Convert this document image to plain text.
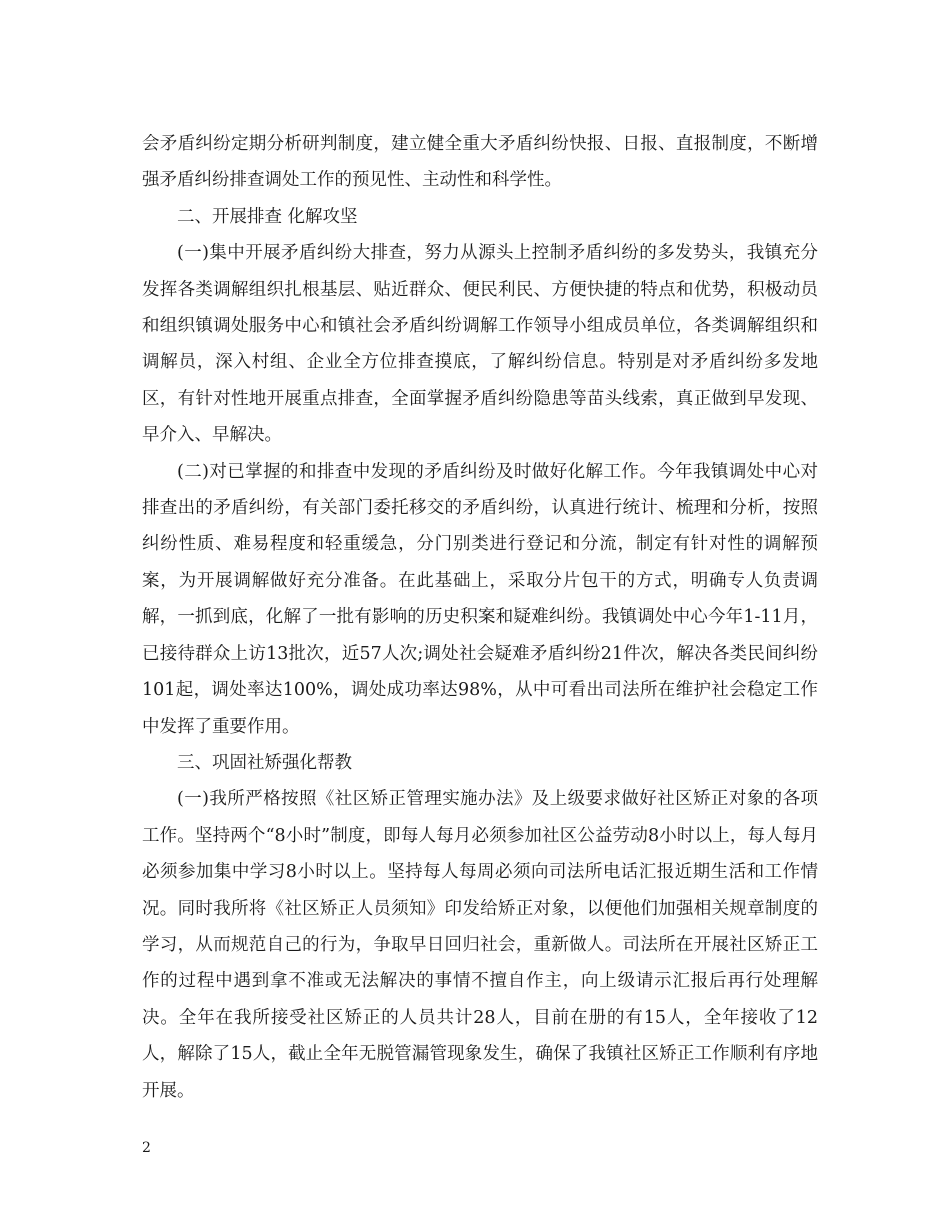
会矛盾纠纷定期分析研判制度，建立健全重大矛盾纠纷快报、日报、直报制度，不断增强矛盾纠纷排查调处工作的预见性、主动性和科学性。

二、开展排查 化解攻坚

(一)集中开展矛盾纠纷大排查，努力从源头上控制矛盾纠纷的多发势头，我镇充分发挥各类调解组织扎根基层、贴近群众、便民利民、方便快捷的特点和优势，积极动员和组织镇调处服务中心和镇社会矛盾纠纷调解工作领导小组成员单位，各类调解组织和调解员，深入村组、企业全方位排查摸底，了解纠纷信息。特别是对矛盾纠纷多发地区，有针对性地开展重点排查，全面掌握矛盾纠纷隐患等苗头线索，真正做到早发现、早介入、早解决。

(二)对已掌握的和排查中发现的矛盾纠纷及时做好化解工作。今年我镇调处中心对排查出的矛盾纠纷，有关部门委托移交的矛盾纠纷，认真进行统计、梳理和分析，按照纠纷性质、难易程度和轻重缓急，分门别类进行登记和分流，制定有针对性的调解预案，为开展调解做好充分准备。在此基础上，采取分片包干的方式，明确专人负责调解，一抓到底，化解了一批有影响的历史积案和疑难纠纷。我镇调处中心今年1-11月，已接待群众上访13批次，近57人次;调处社会疑难矛盾纠纷21件次，解决各类民间纠纷101起，调处率达100%，调处成功率达98%，从中可看出司法所在维护社会稳定工作中发挥了重要作用。

三、巩固社矫强化帮教

(一)我所严格按照《社区矫正管理实施办法》及上级要求做好社区矫正对象的各项工作。坚持两个“8小时”制度，即每人每月必须参加社区公益劳动8小时以上，每人每月必须参加集中学习8小时以上。坚持每人每周必须向司法所电话汇报近期生活和工作情况。同时我所将《社区矫正人员须知》印发给矫正对象，以便他们加强相关规章制度的学习，从而规范自己的行为，争取早日回归社会，重新做人。司法所在开展社区矫正工作的过程中遇到拿不准或无法解决的事情不擅自作主，向上级请示汇报后再行处理解决。全年在我所接受社区矫正的人员共计28人，目前在册的有15人，全年接收了12人，解除了15人，截止全年无脱管漏管现象发生，确保了我镇社区矫正工作顺利有序地开展。

2
